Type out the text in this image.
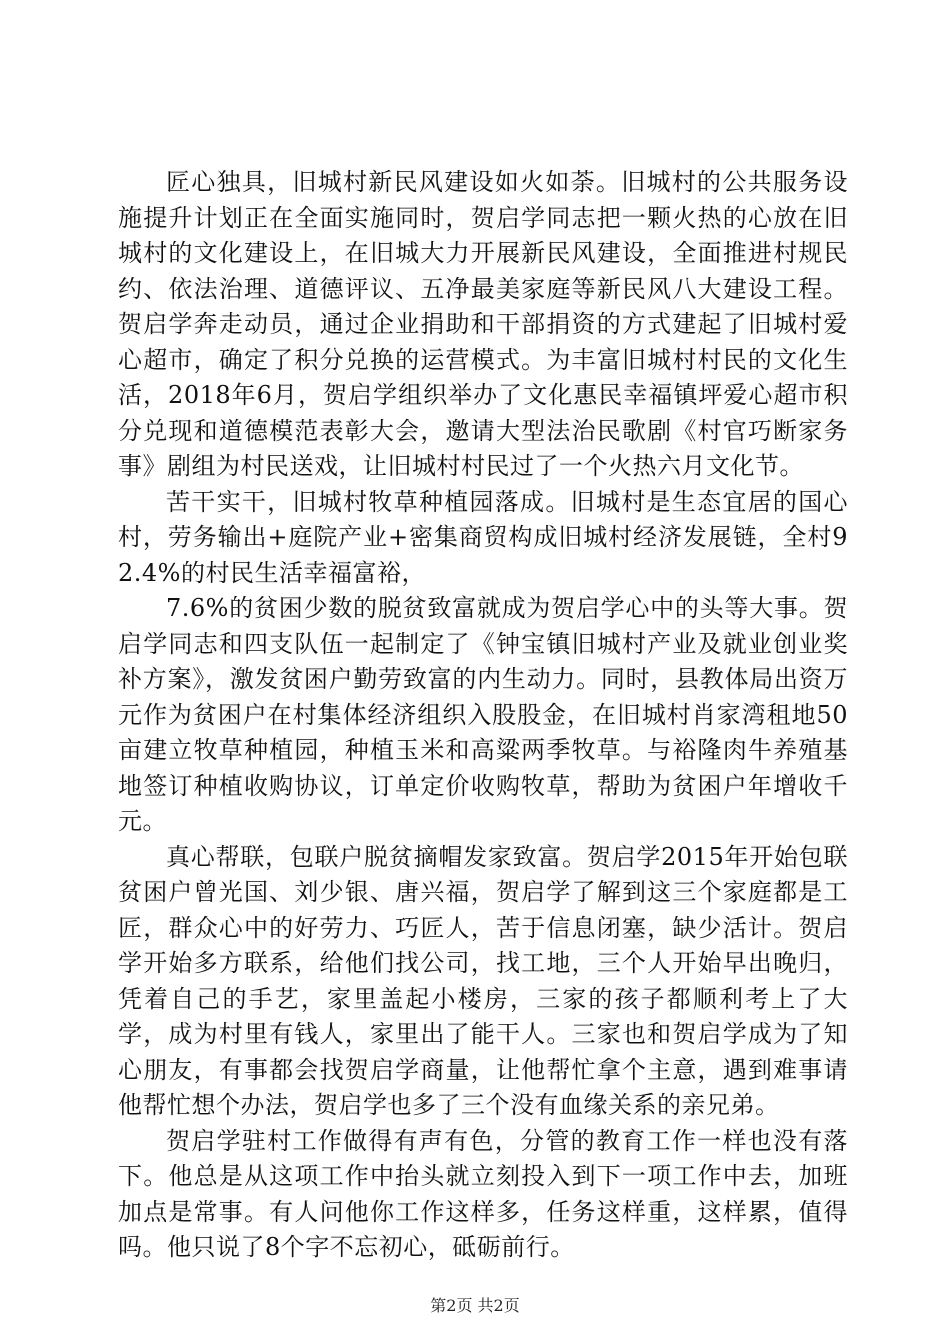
匠心独具，旧城村新民风建设如火如荼。旧城村的公共服务设施提升计划正在全面实施同时，贺启学同志把一颗火热的心放在旧城村的文化建设上，在旧城大力开展新民风建设，全面推进村规民约、依法治理、道德评议、五净最美家庭等新民风八大建设工程。贺启学奔走动员，通过企业捐助和干部捐资的方式建起了旧城村爱心超市，确定了积分兑换的运营模式。为丰富旧城村村民的文化生活，2018年6月，贺启学组织举办了文化惠民幸福镇坪爱心超市积分兑现和道德模范表彰大会，邀请大型法治民歌剧《村官巧断家务事》剧组为村民送戏，让旧城村村民过了一个火热六月文化节。

苦干实干，旧城村牧草种植园落成。旧城村是生态宜居的国心村，劳务输出+庭院产业+密集商贸构成旧城村经济发展链，全村92.4%的村民生活幸福富裕，

7.6%的贫困少数的脱贫致富就成为贺启学心中的头等大事。贺启学同志和四支队伍一起制定了《钟宝镇旧城村产业及就业创业奖补方案》，激发贫困户勤劳致富的内生动力。同时，县教体局出资万元作为贫困户在村集体经济组织入股股金，在旧城村肖家湾租地50亩建立牧草种植园，种植玉米和高粱两季牧草。与裕隆肉牛养殖基地签订种植收购协议，订单定价收购牧草，帮助为贫困户年增收千元。

真心帮联，包联户脱贫摘帽发家致富。贺启学2015年开始包联贫困户曾光国、刘少银、唐兴福，贺启学了解到这三个家庭都是工匠，群众心中的好劳力、巧匠人，苦于信息闭塞，缺少活计。贺启学开始多方联系，给他们找公司，找工地，三个人开始早出晚归，凭着自己的手艺，家里盖起小楼房，三家的孩子都顺利考上了大学，成为村里有钱人，家里出了能干人。三家也和贺启学成为了知心朋友，有事都会找贺启学商量，让他帮忙拿个主意，遇到难事请他帮忙想个办法，贺启学也多了三个没有血缘关系的亲兄弟。

贺启学驻村工作做得有声有色，分管的教育工作一样也没有落下。他总是从这项工作中抬头就立刻投入到下一项工作中去，加班加点是常事。有人问他你工作这样多，任务这样重，这样累，值得吗。他只说了8个字不忘初心，砥砺前行。

第2页 共2页
